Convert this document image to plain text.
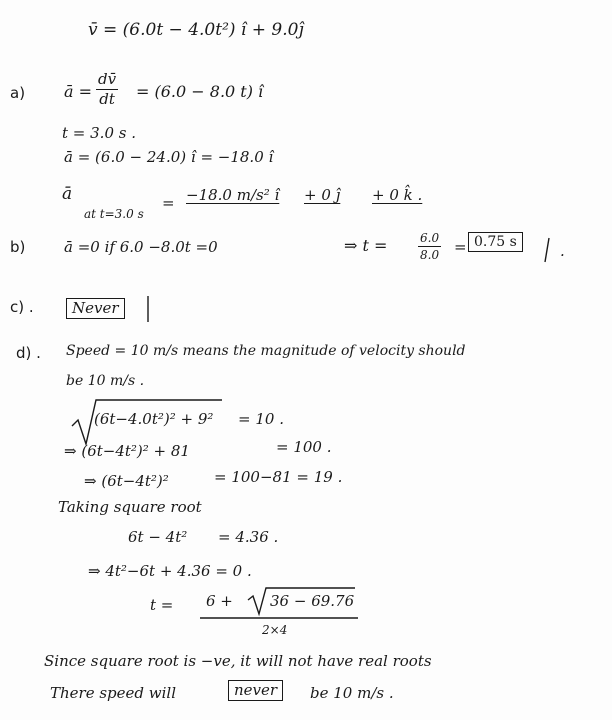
v̄ = (6.0t − 4.0t²) î + 9.0ĵ
a) ā = $\frac{dv̄}{dt} = (6.0 - 8.0$ t) î
t = 3.0 s .
ā = (6.0 − 24.0) î = −18.0 î
ā
at t=3.0 s
= −18.0 m/s² î + 0 ĵ + 0 k̂ .
b)	ā =0 if 6.0 −8.0t =0	⇒ t =	$\frac{6.0}{8.0} = 0.75$ s	.
c) .	Never
d) . Speed = 10 m/s means the magnitude of velocity should
be 10 m/s .
(6t−4.0t²)² + 9² = 10 .
⇒ (6t−4t²)² + 81	= 100 .
⇒ (6t−4t²)²	= 100−81 = 19 .
Taking square root
6t − 4t² = 4.36 .
⇒ 4t²−6t + 4.36 = 0 .
t = 6 + 36 − 69.76
2×4
Since square root is −ve, it will not have real roots
There speed will	never	be 10 m/s .
